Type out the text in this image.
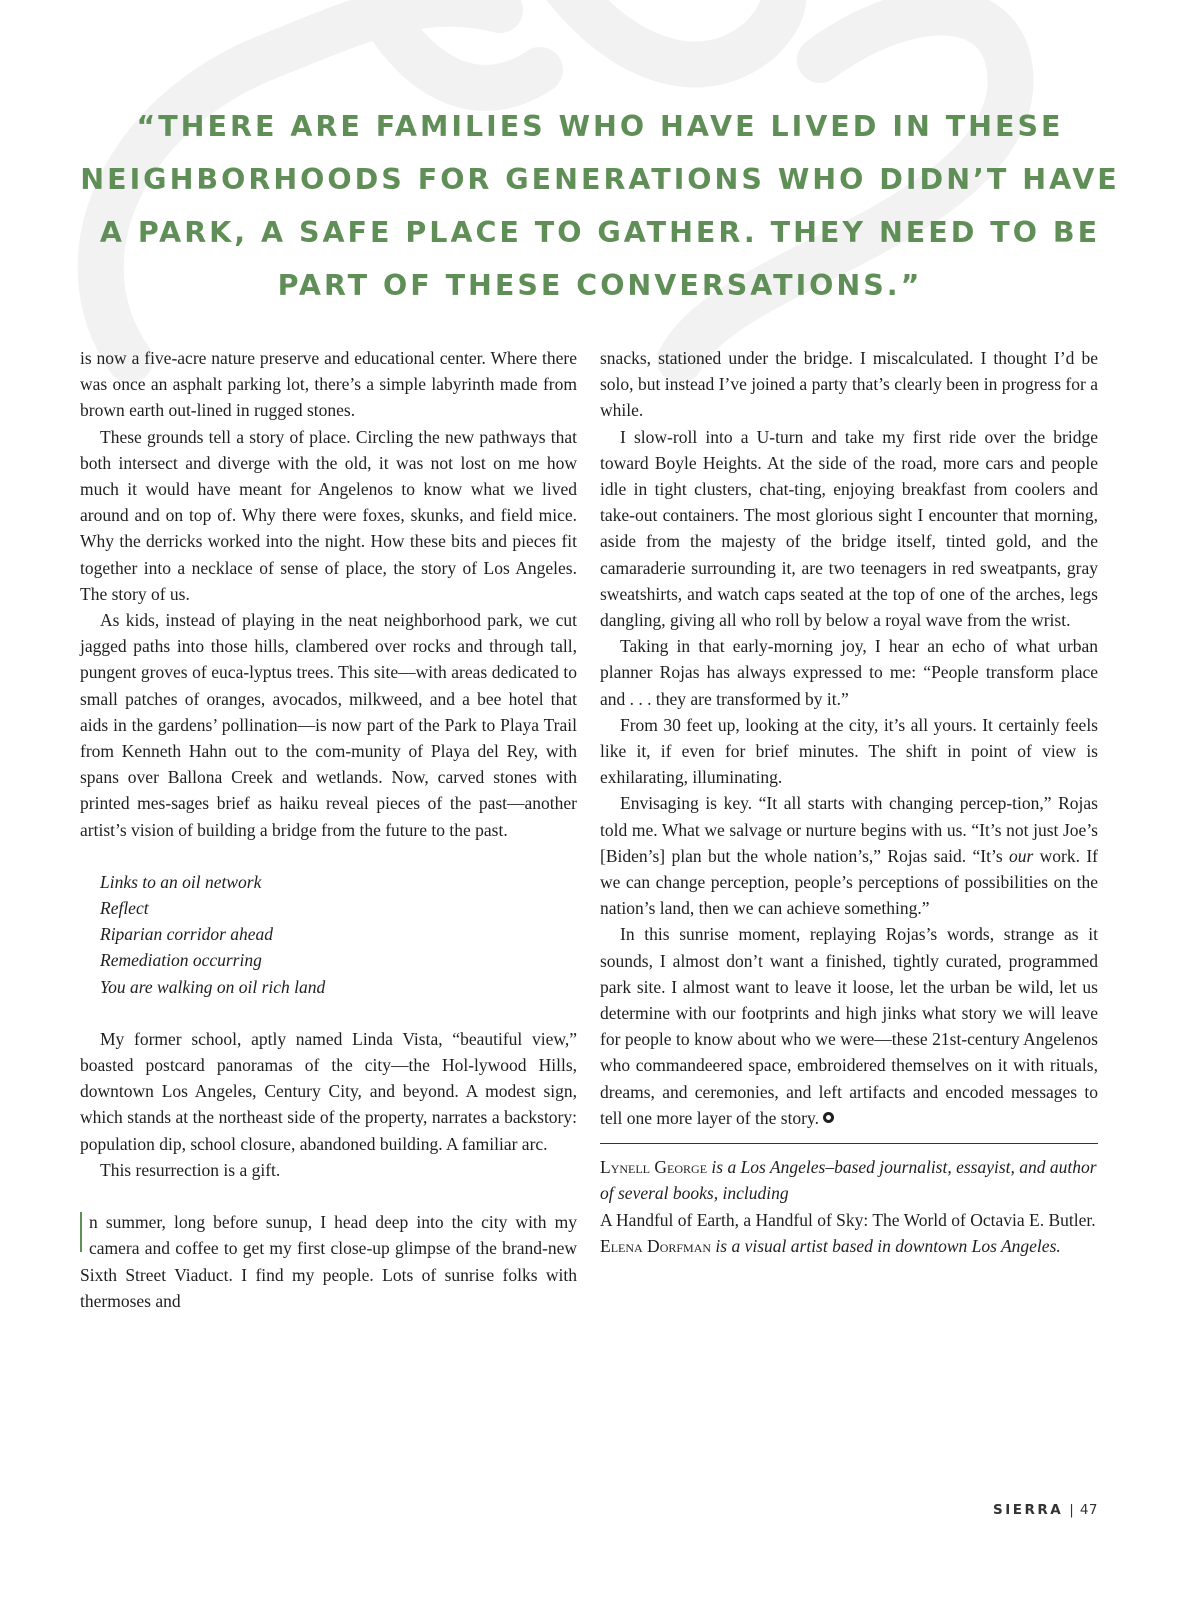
“THERE ARE FAMILIES WHO HAVE LIVED IN THESE NEIGHBORHOODS FOR GENERATIONS WHO DIDN’T HAVE A PARK, A SAFE PLACE TO GATHER. THEY NEED TO BE PART OF THESE CONVERSATIONS.”

is now a five-acre nature preserve and educational center. Where there was once an asphalt parking lot, there’s a simple labyrinth made from brown earth out-lined in rugged stones.

These grounds tell a story of place. Circling the new pathways that both intersect and diverge with the old, it was not lost on me how much it would have meant for Angelenos to know what we lived around and on top of. Why there were foxes, skunks, and field mice. Why the derricks worked into the night. How these bits and pieces fit together into a necklace of sense of place, the story of Los Angeles. The story of us.

As kids, instead of playing in the neat neighborhood park, we cut jagged paths into those hills, clambered over rocks and through tall, pungent groves of euca-lyptus trees. This site—with areas dedicated to small patches of oranges, avocados, milkweed, and a bee hotel that aids in the gardens’ pollination—is now part of the Park to Playa Trail from Kenneth Hahn out to the com-munity of Playa del Rey, with spans over Ballona Creek and wetlands. Now, carved stones with printed mes-sages brief as haiku reveal pieces of the past—another artist’s vision of building a bridge from the future to the past.

Links to an oil network
Reflect
Riparian corridor ahead
Remediation occurring
You are walking on oil rich land

My former school, aptly named Linda Vista, “beautiful view,” boasted postcard panoramas of the city—the Hol-lywood Hills, downtown Los Angeles, Century City, and beyond. A modest sign, which stands at the northeast side of the property, narrates a backstory: population dip, school closure, abandoned building. A familiar arc.

This resurrection is a gift.

n summer, long before sunup, I head deep into the city with my camera and coffee to get my first close-up glimpse of the brand-new Sixth Street Viaduct. I find my people. Lots of sunrise folks with thermoses and

snacks, stationed under the bridge. I miscalculated. I thought I’d be solo, but instead I’ve joined a party that’s clearly been in progress for a while.

I slow-roll into a U-turn and take my first ride over the bridge toward Boyle Heights. At the side of the road, more cars and people idle in tight clusters, chat-ting, enjoying breakfast from coolers and take-out containers. The most glorious sight I encounter that morning, aside from the majesty of the bridge itself, tinted gold, and the camaraderie surrounding it, are two teenagers in red sweatpants, gray sweatshirts, and watch caps seated at the top of one of the arches, legs dangling, giving all who roll by below a royal wave from the wrist.

Taking in that early-morning joy, I hear an echo of what urban planner Rojas has always expressed to me: “People transform place and . . . they are transformed by it.”

From 30 feet up, looking at the city, it’s all yours. It certainly feels like it, if even for brief minutes. The shift in point of view is exhilarating, illuminating.

Envisaging is key. “It all starts with changing percep-tion,” Rojas told me. What we salvage or nurture begins with us. “It’s not just Joe’s [Biden’s] plan but the whole nation’s,” Rojas said. “It’s our work. If we can change perception, people’s perceptions of possibilities on the nation’s land, then we can achieve something.”

In this sunrise moment, replaying Rojas’s words, strange as it sounds, I almost don’t want a finished, tightly curated, programmed park site. I almost want to leave it loose, let the urban be wild, let us determine with our footprints and high jinks what story we will leave for people to know about who we were—these 21st-century Angelenos who commandeered space, embroidered themselves on it with rituals, dreams, and ceremonies, and left artifacts and encoded messages to tell one more layer of the story.

Lynell George is a Los Angeles–based journalist, essayist, and author of several books, including
A Handful of Earth, a Handful of Sky: The World of Octavia E. Butler.

Elena Dorfman is a visual artist based in downtown Los Angeles.

SIERRA | 47
